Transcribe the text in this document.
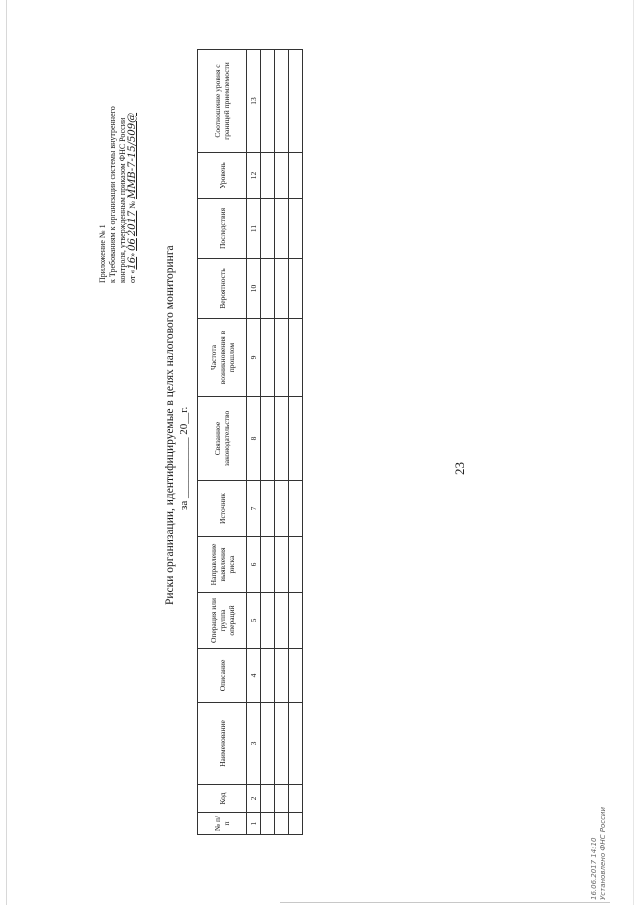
23
Приложение № 1 к Требованиям к организации системы внутреннего контроля, утвержденным приказом ФНС России от «16» 06 2017 № ММВ-7-15/509@
Риски организации, идентифицируемые в целях налогового мониторинга за ___________ 20__г.
№ п/п	Код	Наименование	Описание	Операция или группа операций	Направление выявления риска	Источник	Связанное законодательство	Частота возникновения в прошлом	Вероятность	Последствия	Уровень	Соотношение уровня с границей приемлемости
1	2	3	4	5	6	7	8	9	10	11	12	13

16.06.2017 14:10 Установлено ФНС России
